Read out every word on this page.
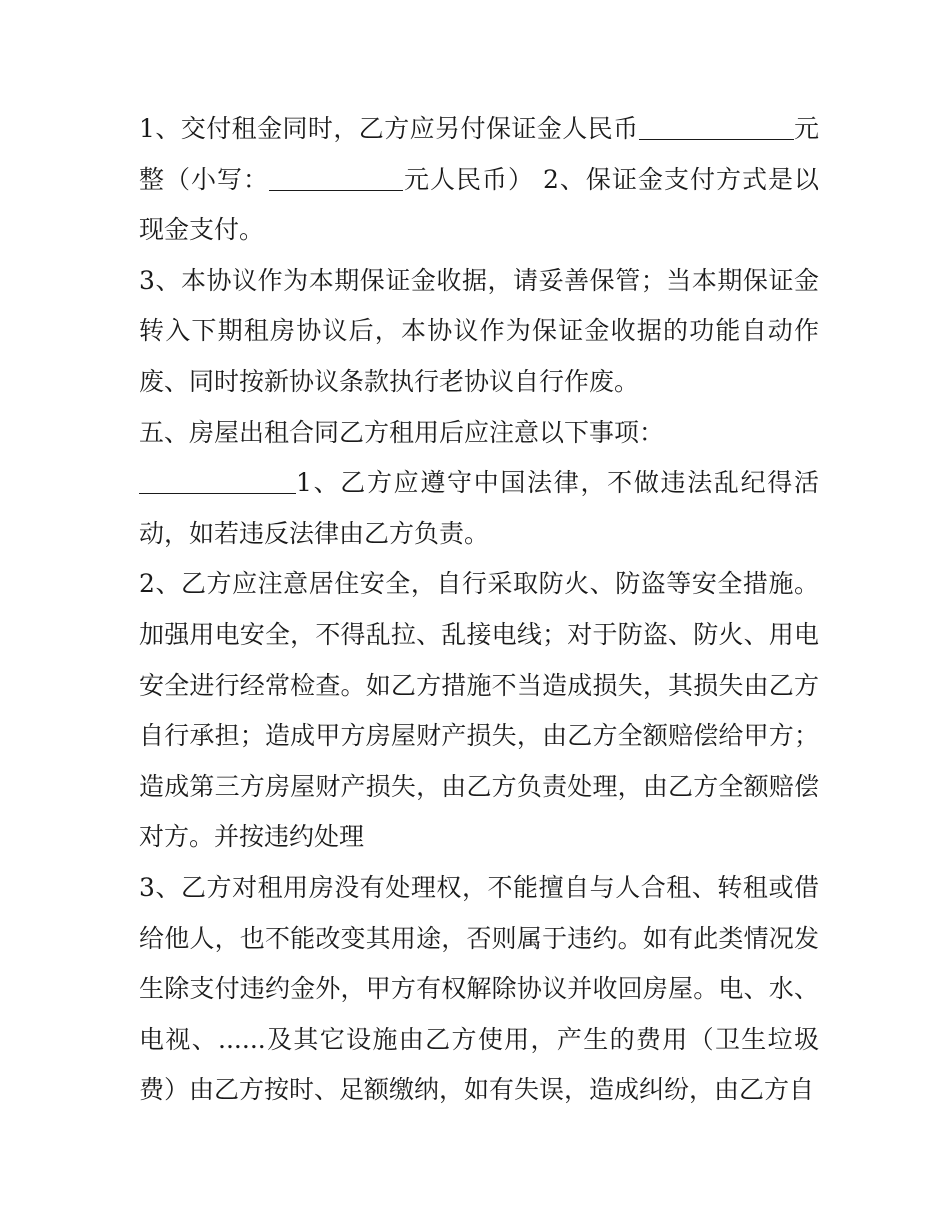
1、交付租金同时，乙方应另付保证金人民币	元整（小写：	元人民币） 2、保证金支付方式是以现金支付。

3、本协议作为本期保证金收据，请妥善保管；当本期保证金转入下期租房协议后，本协议作为保证金收据的功能自动作废、同时按新协议条款执行老协议自行作废。

五、房屋出租合同乙方租用后应注意以下事项：

1、乙方应遵守中国法律，不做违法乱纪得活动，如若违反法律由乙方负责。

2、乙方应注意居住安全，自行采取防火、防盗等安全措施。加强用电安全，不得乱拉、乱接电线；对于防盗、防火、用电安全进行经常检查。如乙方措施不当造成损失，其损失由乙方自行承担；造成甲方房屋财产损失，由乙方全额赔偿给甲方；造成第三方房屋财产损失，由乙方负责处理，由乙方全额赔偿对方。并按违约处理

3、乙方对租用房没有处理权，不能擅自与人合租、转租或借给他人，也不能改变其用途，否则属于违约。如有此类情况发生除支付违约金外，甲方有权解除协议并收回房屋。电、水、电视、......及其它设施由乙方使用，产生的费用（卫生垃圾费）由乙方按时、足额缴纳，如有失误，造成纠纷，由乙方自
